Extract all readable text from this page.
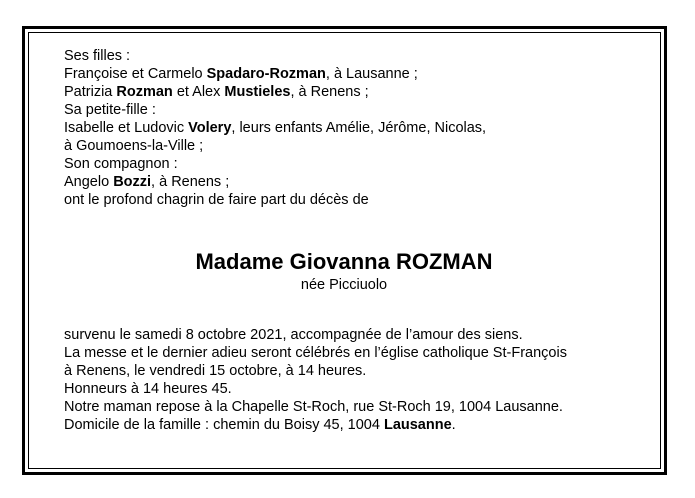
Ses filles :
Françoise et Carmelo Spadaro-Rozman, à Lausanne ;
Patrizia Rozman et Alex Mustieles, à Renens ;
Sa petite-fille :
Isabelle et Ludovic Volery, leurs enfants Amélie, Jérôme, Nicolas,
à Goumoens-la-Ville ;
Son compagnon :
Angelo Bozzi, à Renens ;
ont le profond chagrin de faire part du décès de
Madame Giovanna ROZMAN
née Picciuolo
survenu le samedi 8 octobre 2021, accompagnée de l’amour des siens.
La messe et le dernier adieu seront célébrés en l’église catholique St-François
à Renens, le vendredi 15 octobre, à 14 heures.
Honneurs à 14 heures 45.
Notre maman repose à la Chapelle St-Roch, rue St-Roch 19, 1004 Lausanne.
Domicile de la famille : chemin du Boisy 45, 1004 Lausanne.
